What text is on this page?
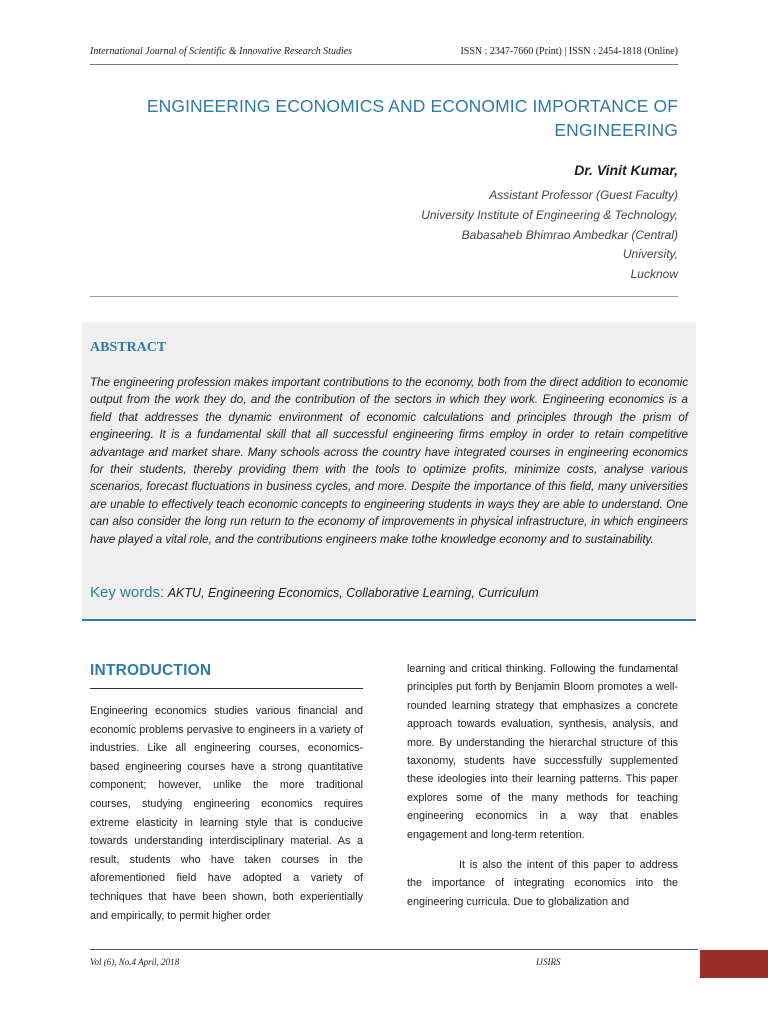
International Journal of Scientific & Innovative Research Studies	ISSN : 2347-7660 (Print) | ISSN : 2454-1818 (Online)
ENGINEERING ECONOMICS AND ECONOMIC IMPORTANCE OF
ENGINEERING
Dr. Vinit Kumar,
Assistant Professor (Guest Faculty)
University Institute of Engineering & Technology,
Babasaheb Bhimrao Ambedkar (Central)
University,
Lucknow
ABSTRACT
The engineering profession makes important contributions to the economy, both from the direct addition to economic output from the work they do, and the contribution of the sectors in which they work. Engineering economics is a field that addresses the dynamic environment of economic calculations and principles through the prism of engineering. It is a fundamental skill that all successful engineering firms employ in order to retain competitive advantage and market share. Many schools across the country have integrated courses in engineering economics for their students, thereby providing them with the tools to optimize profits, minimize costs, analyse various scenarios, forecast fluctuations in business cycles, and more. Despite the importance of this field, many universities are unable to effectively teach economic concepts to engineering students in ways they are able to understand. One can also consider the long run return to the economy of improvements in physical infrastructure, in which engineers have played a vital role, and the contributions engineers make tothe knowledge economy and to sustainability.
Key words: AKTU, Engineering Economics, Collaborative Learning, Curriculum
INTRODUCTION

Engineering economics studies various financial and economic problems pervasive to engineers in a variety of industries. Like all engineering courses, economics-based engineering courses have a strong quantitative component; however, unlike the more traditional courses, studying engineering economics requires extreme elasticity in learning style that is conducive towards understanding interdisciplinary material. As a result, students who have taken courses in the aforementioned field have adopted a variety of techniques that have been shown, both experientially and empirically, to permit higher order

learning and critical thinking. Following the fundamental principles put forth by Benjamin Bloom promotes a well-rounded learning strategy that emphasizes a concrete approach towards evaluation, synthesis, analysis, and more. By understanding the hierarchal structure of this taxonomy, students have successfully supplemented these ideologies into their learning patterns. This paper explores some of the many methods for teaching engineering economics in a way that enables engagement and long-term retention.

It is also the intent of this paper to address the importance of integrating economics into the engineering curricula. Due to globalization and

Vol (6), No.4 April, 2018	IJSIRS
